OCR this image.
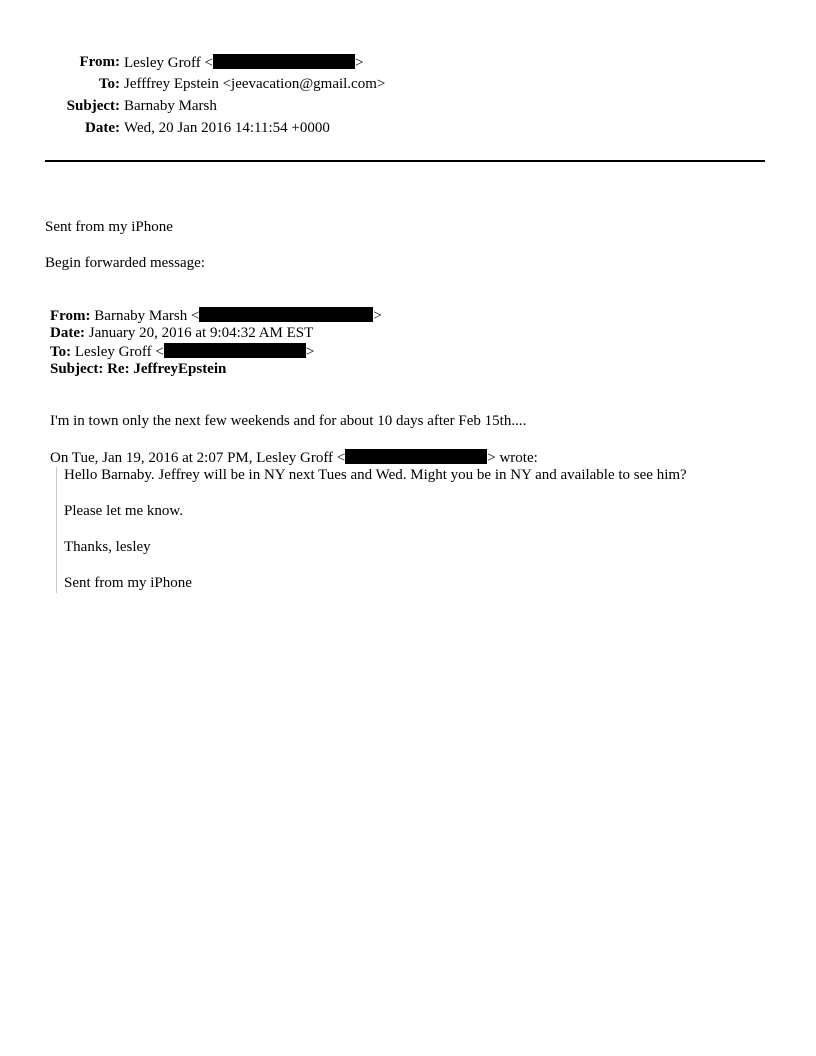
From: Lesley Groff <	>
To: Jefffrey Epstein <jeevacation@gmail.com>
Subject: Barnaby Marsh
Date: Wed, 20 Jan 2016 14:11:54 +0000
Sent from my iPhone
Begin forwarded message:
From: Barnaby Marsh <	>
Date: January 20, 2016 at 9:04:32 AM EST
To: Lesley Groff <	>
Subject: Re: JeffreyEpstein
I'm in town only the next few weekends and for about 10 days after Feb 15th....
On Tue, Jan 19, 2016 at 2:07 PM, Lesley Groff <	> wrote:
Hello Barnaby. Jeffrey will be in NY next Tues and Wed. Might you be in NY and available to see him?
Please let me know.
Thanks, lesley
Sent from my iPhone
